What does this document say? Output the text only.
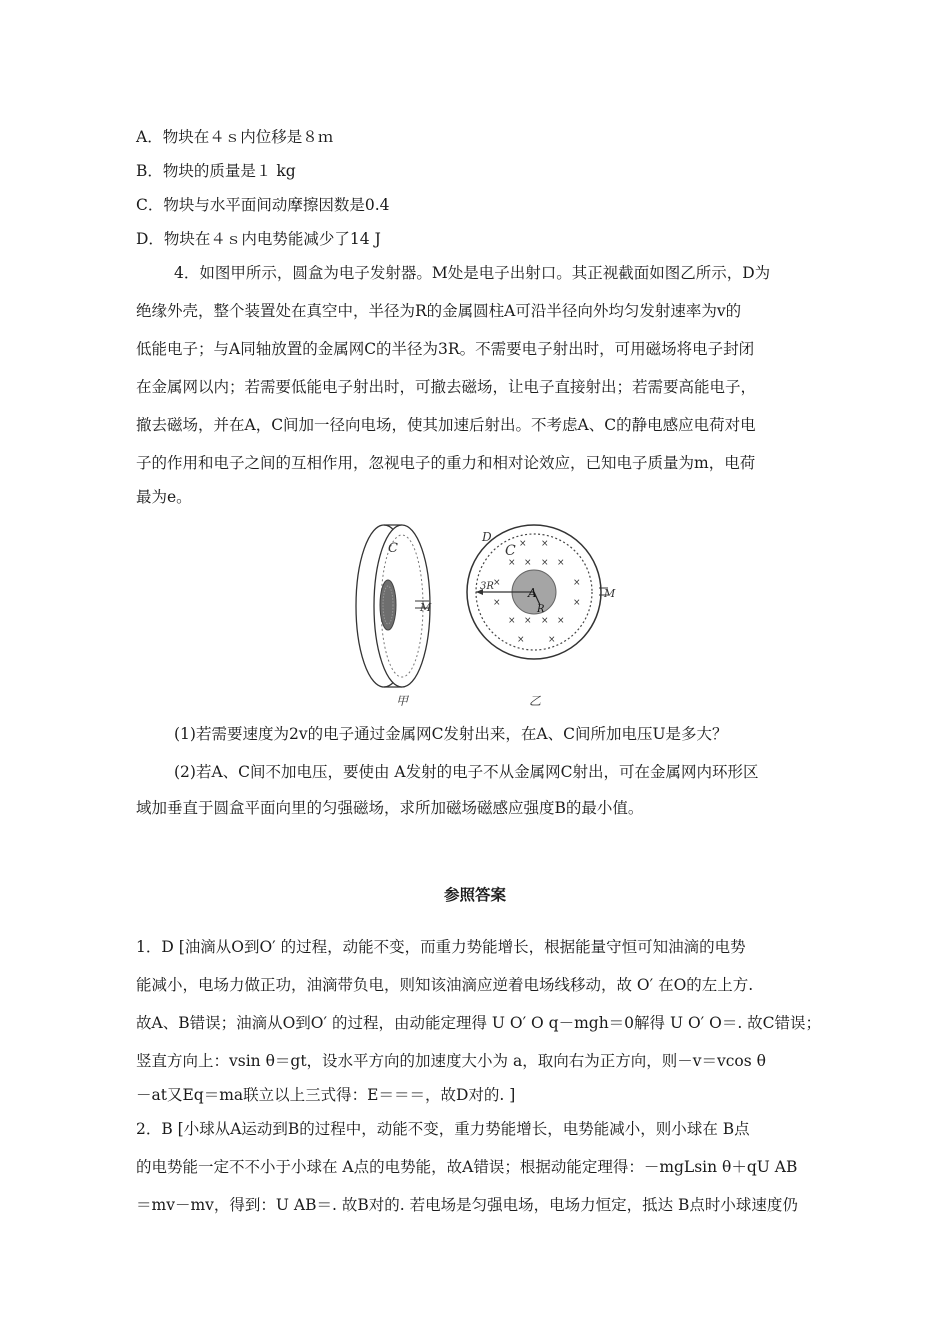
A．物块在４ｓ内位移是８ｍ
B．物块的质量是１ kg
C．物块与水平面间动摩擦因数是0.4
D．物块在４ｓ内电势能减少了14 J
4．如图甲所示，圆盒为电子发射器。M处是电子出射口。其正视截面如图乙所示，D为
绝缘外壳，整个装置处在真空中，半径为R的金属圆柱A可沿半径向外均匀发射速率为v的
低能电子；与A同轴放置的金属网C的半径为3R。不需要电子射出时，可用磁场将电子封闭
在金属网以内；若需要低能电子射出时，可撤去磁场，让电子直接射出；若需要高能电子，
撤去磁场，并在A，C间加一径向电场，使其加速后射出。不考虑A、C的静电感应电荷对电
子的作用和电子之间的互相作用，忽视电子的重力和相对论效应，已知电子质量为m，电荷
最为e。
C
M
甲
× ×
× × × ×
×	×
×	×
× × × ×
×	×
D
C
A
R
3R
M
乙
(1)若需要速度为2v的电子通过金属网C发射出来，在A、C间所加电压U是多大？
(2)若A、C间不加电压，要使由 A发射的电子不从金属网C射出，可在金属网内环形区
域加垂直于圆盒平面向里的匀强磁场，求所加磁场磁感应强度B的最小值。
参照答案
1．D [油滴从O到O′ 的过程，动能不变，而重力势能增长，根据能量守恒可知油滴的电势
能减小，电场力做正功，油滴带负电，则知该油滴应逆着电场线移动，故 O′ 在O的左上方.
故A、B错误；油滴从O到O′ 的过程，由动能定理得 U O′ O q－mgh＝0解得 U O′ O＝. 故C错误；
竖直方向上：vsin θ＝gt，设水平方向的加速度大小为 a，取向右为正方向，则－v＝vcos θ
－at又Eq＝ma联立以上三式得：E＝＝＝，故D对的. ]
2．B [小球从A运动到B的过程中，动能不变，重力势能增长，电势能减小，则小球在 B点
的电势能一定不不小于小球在 A点的电势能，故A错误；根据动能定理得：－mgLsin θ＋qU AB
＝mv－mv，得到：U AB＝. 故B对的. 若电场是匀强电场，电场力恒定，抵达 B点时小球速度仍
